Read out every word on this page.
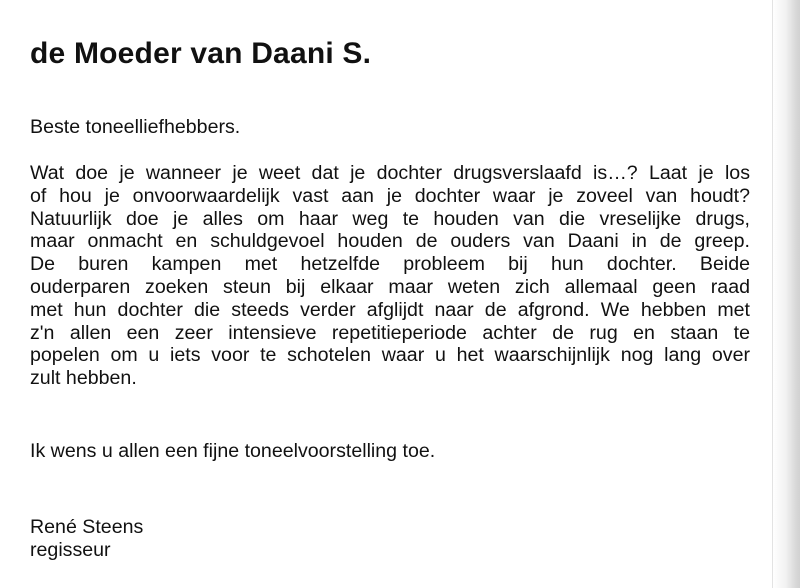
de Moeder van Daani S.

Beste toneelliefhebbers.

Wat doe je wanneer je weet dat je dochter drugsverslaafd is…? Laat je los
of hou je onvoorwaardelijk vast aan je dochter waar je zoveel van houdt?
Natuurlijk doe je alles om haar weg te houden van die vreselijke drugs,
maar onmacht en schuldgevoel houden de ouders van Daani in de greep.
De buren kampen met hetzelfde probleem bij hun dochter. Beide
ouderparen zoeken steun bij elkaar maar weten zich allemaal geen raad
met hun dochter die steeds verder afglijdt naar de afgrond. We hebben met
z'n allen een zeer intensieve repetitieperiode achter de rug en staan te
popelen om u iets voor te schotelen waar u het waarschijnlijk nog lang over
zult hebben.

Ik wens u allen een fijne toneelvoorstelling toe.

René Steens

regisseur
